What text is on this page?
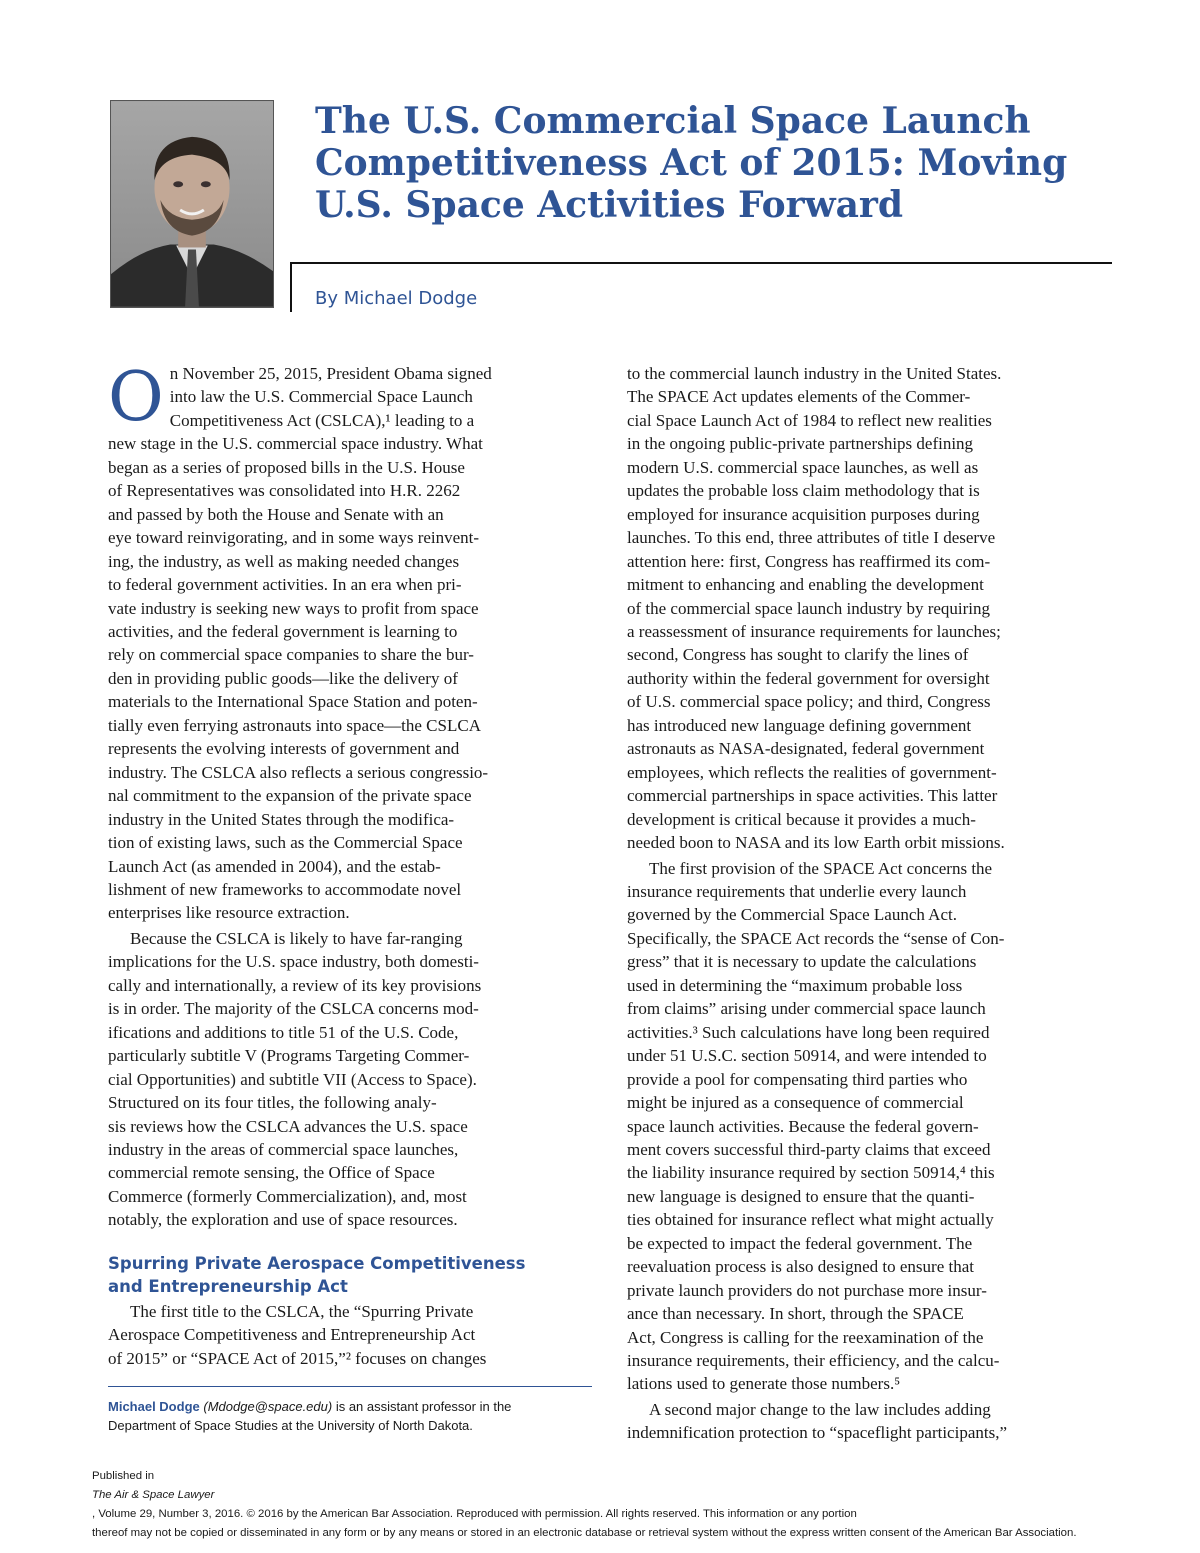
The U.S. Commercial Space Launch
Competitiveness Act of 2015: Moving
U.S. Space Activities Forward
By Michael Dodge
O n November 25, 2015, President Obama signed
into law the U.S. Commercial Space Launch
Competitiveness Act (CSLCA),¹ leading to a
new stage in the U.S. commercial space industry. What
began as a series of proposed bills in the U.S. House
of Representatives was consolidated into H.R. 2262
and passed by both the House and Senate with an
eye toward reinvigorating, and in some ways reinvent-
ing, the industry, as well as making needed changes
to federal government activities. In an era when pri-
vate industry is seeking new ways to profit from space
activities, and the federal government is learning to
rely on commercial space companies to share the bur-
den in providing public goods—like the delivery of
materials to the International Space Station and poten-
tially even ferrying astronauts into space—the CSLCA
represents the evolving interests of government and
industry. The CSLCA also reflects a serious congressio-
nal commitment to the expansion of the private space
industry in the United States through the modifica-
tion of existing laws, such as the Commercial Space
Launch Act (as amended in 2004), and the estab-
lishment of new frameworks to accommodate novel
enterprises like resource extraction.
Because the CSLCA is likely to have far-ranging
implications for the U.S. space industry, both domesti-
cally and internationally, a review of its key provisions
is in order. The majority of the CSLCA concerns mod-
ifications and additions to title 51 of the U.S. Code,
particularly subtitle V (Programs Targeting Commer-
cial Opportunities) and subtitle VII (Access to Space).
Structured on its four titles, the following analy-
sis reviews how the CSLCA advances the U.S. space
industry in the areas of commercial space launches,
commercial remote sensing, the Office of Space
Commerce (formerly Commercialization), and, most
notably, the exploration and use of space resources.
Spurring Private Aerospace Competitiveness
and Entrepreneurship Act
The first title to the CSLCA, the “Spurring Private
Aerospace Competitiveness and Entrepreneurship Act
of 2015” or “SPACE Act of 2015,”² focuses on changes
to the commercial launch industry in the United States.
The SPACE Act updates elements of the Commer-
cial Space Launch Act of 1984 to reflect new realities
in the ongoing public-private partnerships defining
modern U.S. commercial space launches, as well as
updates the probable loss claim methodology that is
employed for insurance acquisition purposes during
launches. To this end, three attributes of title I deserve
attention here: first, Congress has reaffirmed its com-
mitment to enhancing and enabling the development
of the commercial space launch industry by requiring
a reassessment of insurance requirements for launches;
second, Congress has sought to clarify the lines of
authority within the federal government for oversight
of U.S. commercial space policy; and third, Congress
has introduced new language defining government
astronauts as NASA-designated, federal government
employees, which reflects the realities of government-
commercial partnerships in space activities. This latter
development is critical because it provides a much-
needed boon to NASA and its low Earth orbit missions.
The first provision of the SPACE Act concerns the
insurance requirements that underlie every launch
governed by the Commercial Space Launch Act.
Specifically, the SPACE Act records the “sense of Con-
gress” that it is necessary to update the calculations
used in determining the “maximum probable loss
from claims” arising under commercial space launch
activities.³ Such calculations have long been required
under 51 U.S.C. section 50914, and were intended to
provide a pool for compensating third parties who
might be injured as a consequence of commercial
space launch activities. Because the federal govern-
ment covers successful third-party claims that exceed
the liability insurance required by section 50914,⁴ this
new language is designed to ensure that the quanti-
ties obtained for insurance reflect what might actually
be expected to impact the federal government. The
reevaluation process is also designed to ensure that
private launch providers do not purchase more insur-
ance than necessary. In short, through the SPACE
Act, Congress is calling for the reexamination of the
insurance requirements, their efficiency, and the calcu-
lations used to generate those numbers.⁵
A second major change to the law includes adding
indemnification protection to “spaceflight participants,”
Michael Dodge (Mdodge@space.edu) is an assistant professor in the
Department of Space Studies at the University of North Dakota.
Published in
The Air & Space Lawyer
, Volume 29, Number 3, 2016. © 2016 by the American Bar Association. Reproduced with permission. All rights reserved. This information or any portion
thereof may not be copied or disseminated in any form or by any means or stored in an electronic database or retrieval system without the express written consent of the American Bar Association.
